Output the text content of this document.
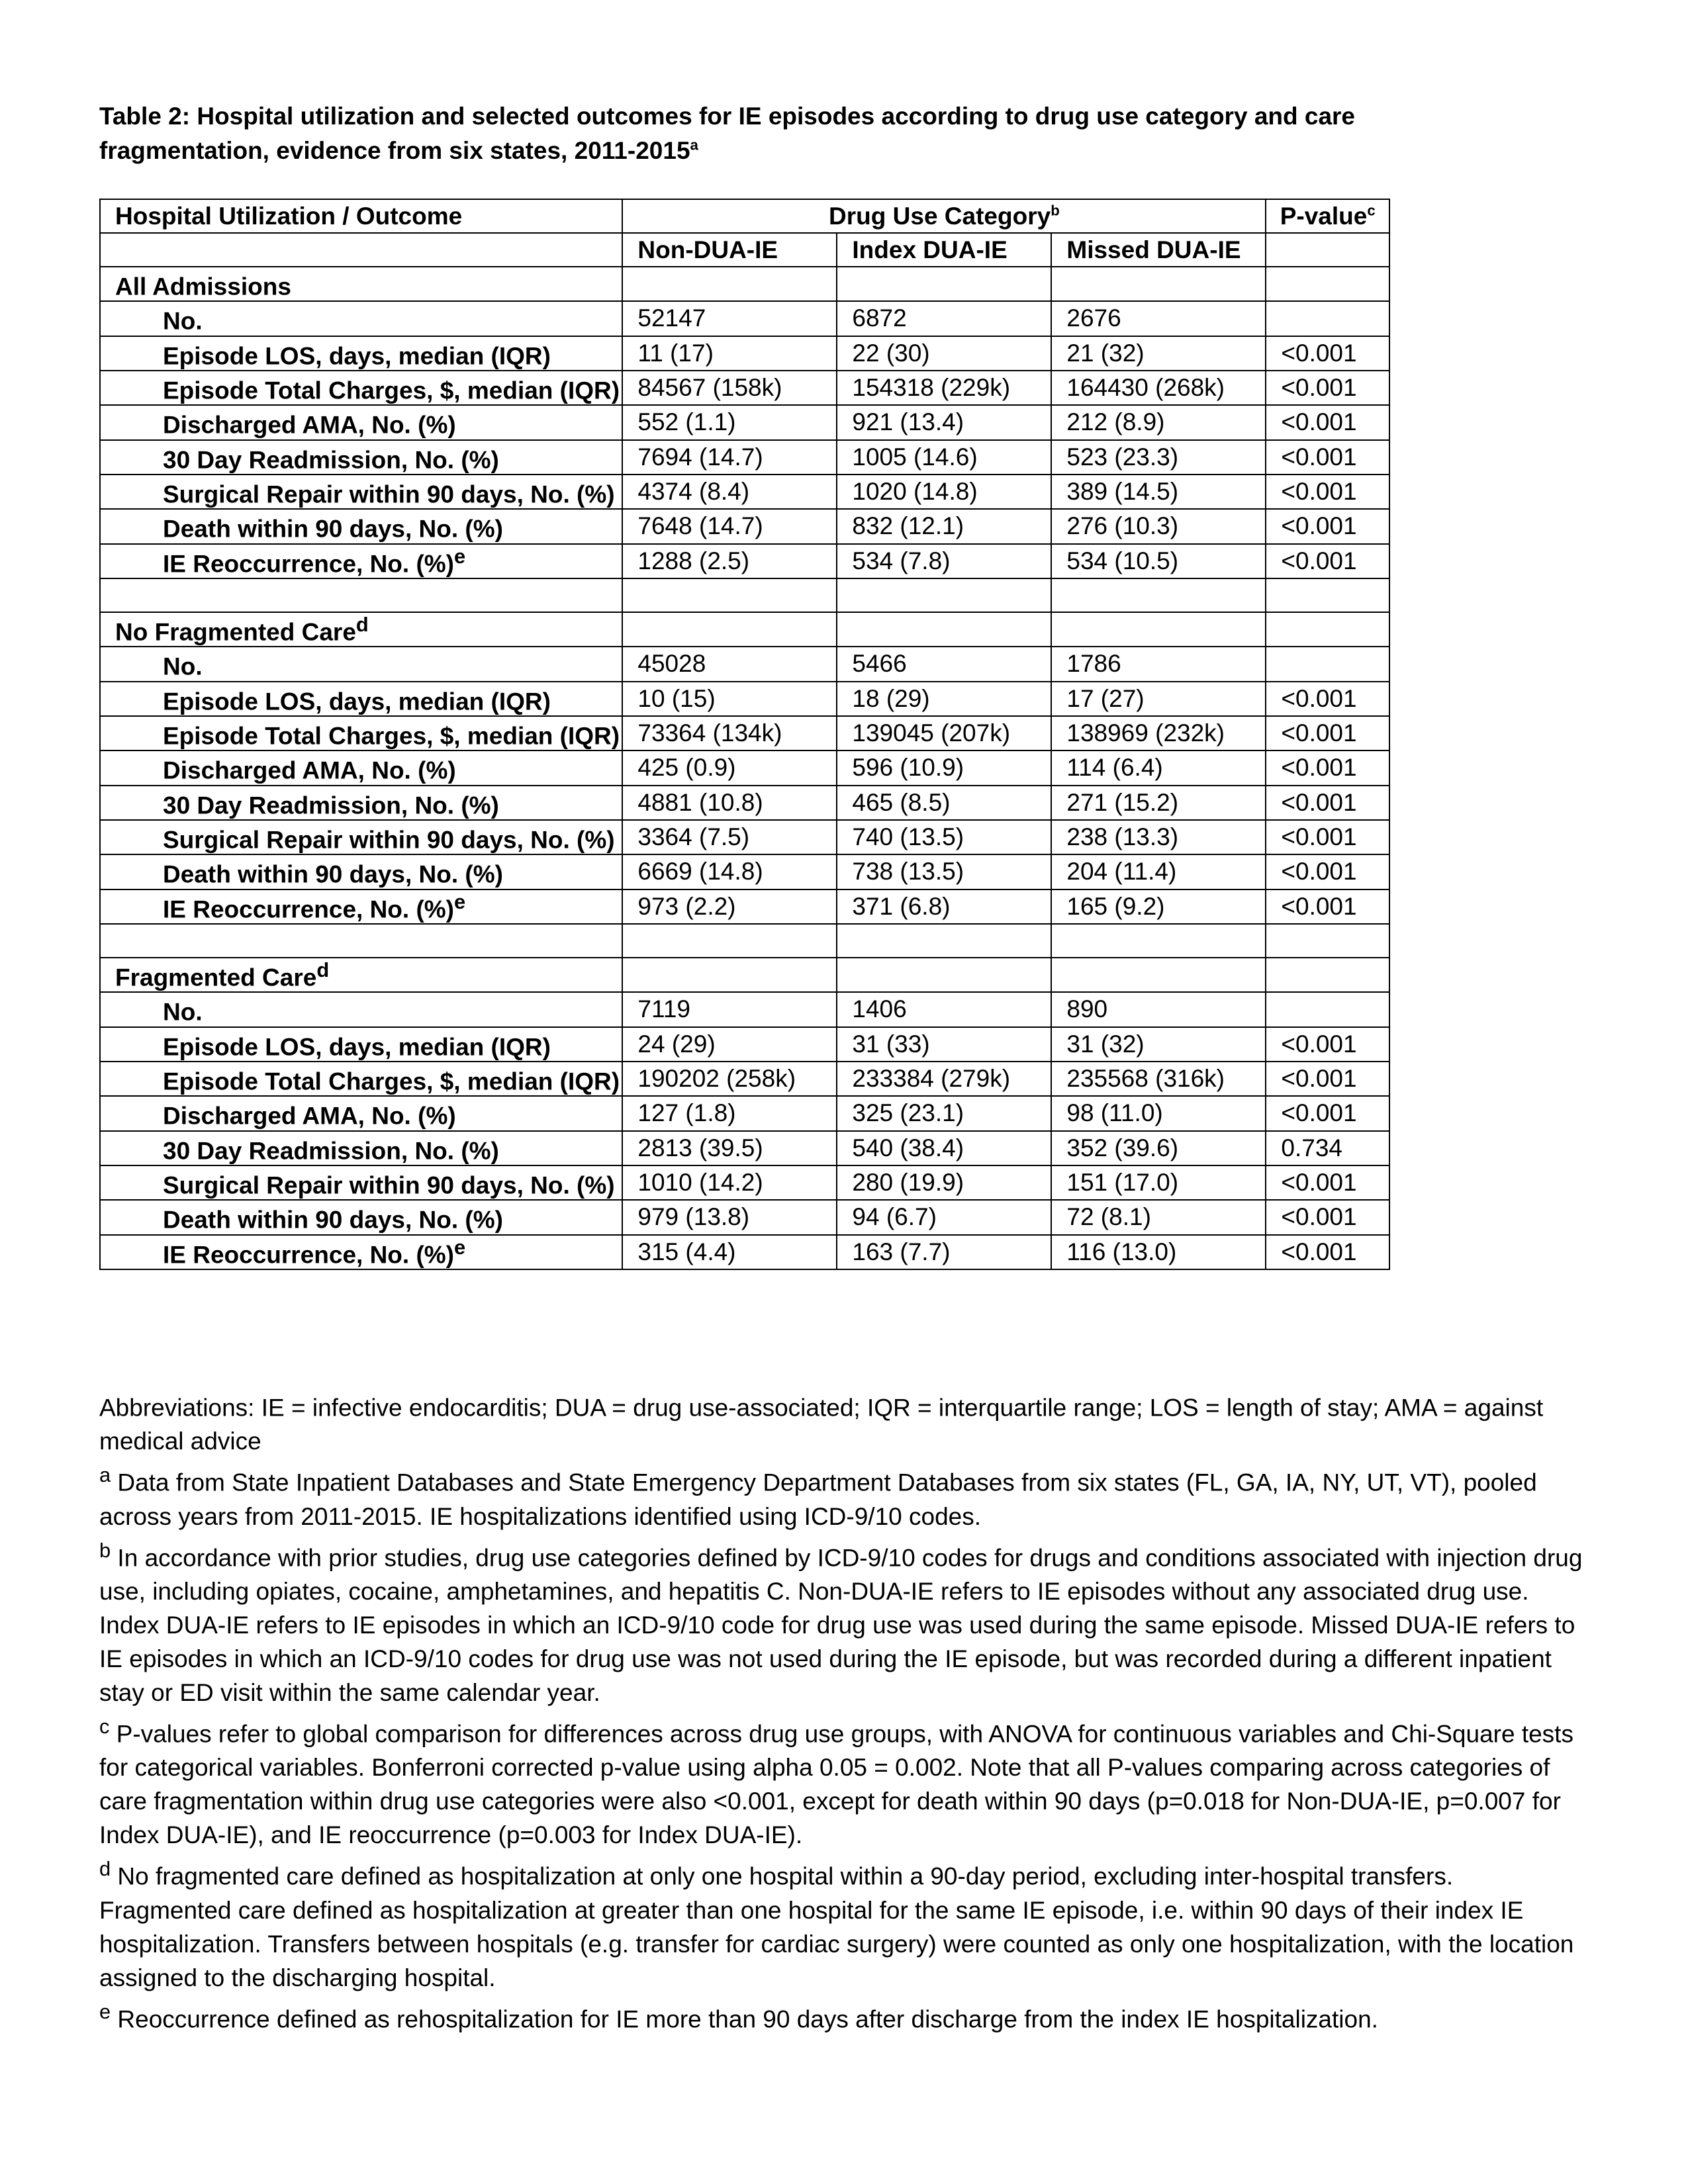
Table 2: Hospital utilization and selected outcomes for IE episodes according to drug use category and care fragmentation, evidence from six states, 2011-2015$^a$

Hospital Utilization / Outcome	Drug Use Category$^b$			P-value$^c$
	Non-DUA-IE	Index DUA-IE	Missed DUA-IE	
All Admissions				
No.	52147	6872	2676	
Episode LOS, days, median (IQR)	11 (17)	22 (30)	21 (32)	<0.001
Episode Total Charges, $, median (IQR)	84567 (158k)	154318 (229k)	164430 (268k)	<0.001
Discharged AMA, No. (%)	552 (1.1)	921 (13.4)	212 (8.9)	<0.001
30 Day Readmission, No. (%)	7694 (14.7)	1005 (14.6)	523 (23.3)	<0.001
Surgical Repair within 90 days, No. (%)	4374 (8.4)	1020 (14.8)	389 (14.5)	<0.001
Death within 90 days, No. (%)	7648 (14.7)	832 (12.1)	276 (10.3)	<0.001
IE Reoccurrence, No. (%)$^e$	1288 (2.5)	534 (7.8)	534 (10.5)	<0.001

No Fragmented Care$^d$				
No.	45028	5466	1786	
Episode LOS, days, median (IQR)	10 (15)	18 (29)	17 (27)	<0.001
Episode Total Charges, $, median (IQR)	73364 (134k)	139045 (207k)	138969 (232k)	<0.001
Discharged AMA, No. (%)	425 (0.9)	596 (10.9)	114 (6.4)	<0.001
30 Day Readmission, No. (%)	4881 (10.8)	465 (8.5)	271 (15.2)	<0.001
Surgical Repair within 90 days, No. (%)	3364 (7.5)	740 (13.5)	238 (13.3)	<0.001
Death within 90 days, No. (%)	6669 (14.8)	738 (13.5)	204 (11.4)	<0.001
IE Reoccurrence, No. (%)$^e$	973 (2.2)	371 (6.8)	165 (9.2)	<0.001

Fragmented Care$^d$				
No.	7119	1406	890	
Episode LOS, days, median (IQR)	24 (29)	31 (33)	31 (32)	<0.001
Episode Total Charges, $, median (IQR)	190202 (258k)	233384 (279k)	235568 (316k)	<0.001
Discharged AMA, No. (%)	127 (1.8)	325 (23.1)	98 (11.0)	<0.001
30 Day Readmission, No. (%)	2813 (39.5)	540 (38.4)	352 (39.6)	0.734
Surgical Repair within 90 days, No. (%)	1010 (14.2)	280 (19.9)	151 (17.0)	<0.001
Death within 90 days, No. (%)	979 (13.8)	94 (6.7)	72 (8.1)	<0.001
IE Reoccurrence, No. (%)$^e$	315 (4.4)	163 (7.7)	116 (13.0)	<0.001

Abbreviations: IE = infective endocarditis; DUA = drug use-associated; IQR = interquartile range; LOS = length of stay; AMA = against medical advice

$^a$ Data from State Inpatient Databases and State Emergency Department Databases from six states (FL, GA, IA, NY, UT, VT), pooled across years from 2011-2015. IE hospitalizations identified using ICD-9/10 codes.

$^b$ In accordance with prior studies, drug use categories defined by ICD-9/10 codes for drugs and conditions associated with injection drug use, including opiates, cocaine, amphetamines, and hepatitis C. Non-DUA-IE refers to IE episodes without any associated drug use. Index DUA-IE refers to IE episodes in which an ICD-9/10 code for drug use was used during the same episode. Missed DUA-IE refers to IE episodes in which an ICD-9/10 codes for drug use was not used during the IE episode, but was recorded during a different inpatient stay or ED visit within the same calendar year.

$^c$ P-values refer to global comparison for differences across drug use groups, with ANOVA for continuous variables and Chi-Square tests for categorical variables. Bonferroni corrected p-value using alpha 0.05 = 0.002. Note that all P-values comparing across categories of care fragmentation within drug use categories were also <0.001, except for death within 90 days (p=0.018 for Non-DUA-IE, p=0.007 for Index DUA-IE), and IE reoccurrence (p=0.003 for Index DUA-IE).

$^d$ No fragmented care defined as hospitalization at only one hospital within a 90-day period, excluding inter-hospital transfers. Fragmented care defined as hospitalization at greater than one hospital for the same IE episode, i.e. within 90 days of their index IE hospitalization. Transfers between hospitals (e.g. transfer for cardiac surgery) were counted as only one hospitalization, with the location assigned to the discharging hospital.

$^e$ Reoccurrence defined as rehospitalization for IE more than 90 days after discharge from the index IE hospitalization.
